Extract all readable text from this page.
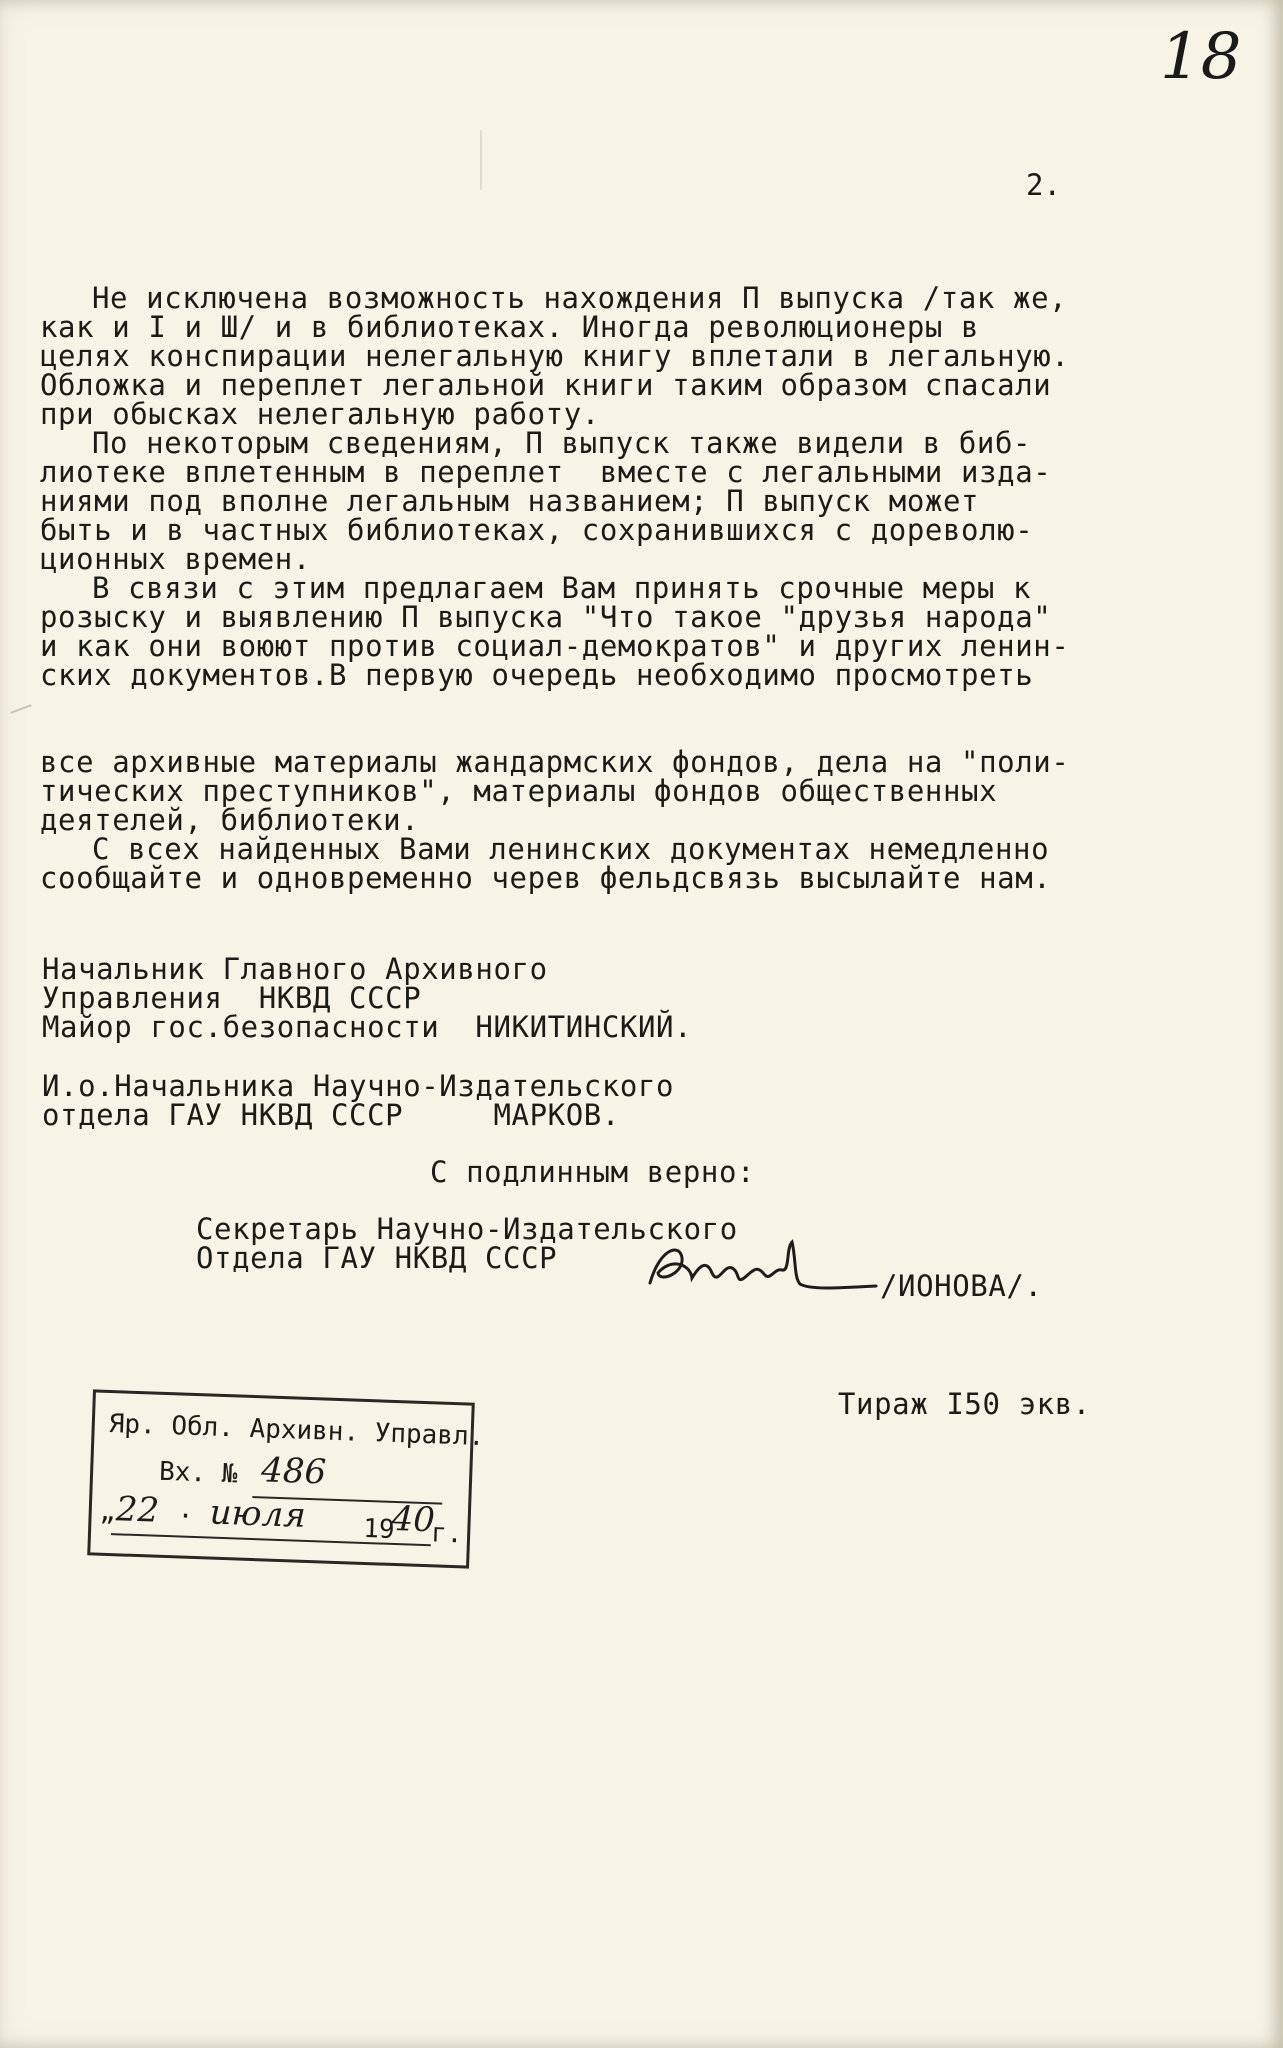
18
2.
Не исключена возможность нахождения П выпуска /так же,
как и I и Ш/ и в библиотеках. Иногда революционеры в
целях конспирации нелегальную книгу вплетали в легальную.
Обложка и переплет легальной книги таким образом спасали
при обысках нелегальную работу.
По некоторым сведениям, П выпуск также видели в биб-
лиотеке вплетенным в переплет  вместе с легальными изда-
ниями под вполне легальным названием; П выпуск может
быть и в частных библиотеках, сохранившихся с дореволю-
ционных времен.
В связи с этим предлагаем Вам принять срочные меры к
розыску и выявлению П выпуска "Что такое "друзья народа"
и как они воюют против социал-демократов" и других ленин-
ских документов.В первую очередь необходимо просмотреть
все архивные материалы жандармских фондов, дела на "поли-
тических преступников", материалы фондов общественных
деятелей, библиотеки.
С всех найденных Вами ленинских документах немедленно
сообщайте и одновременно черев фельдсвязь высылайте нам.
Начальник Главного Архивного
Управления  НКВД СССР
Майор гос.безопасности  НИКИТИНСКИЙ.
И.о.Начальника Научно-Издательского
отдела ГАУ НКВД СССР     МАРКОВ.
С подлинным верно:
Секретарь Научно-Издательского
Отдела ГАУ НКВД СССР
/ИОНОВА/.
Тираж I50 экв.
Яр. Обл. Архивн. Управл.
Вх. № 486
„ 22 · июля 19
40
г.
